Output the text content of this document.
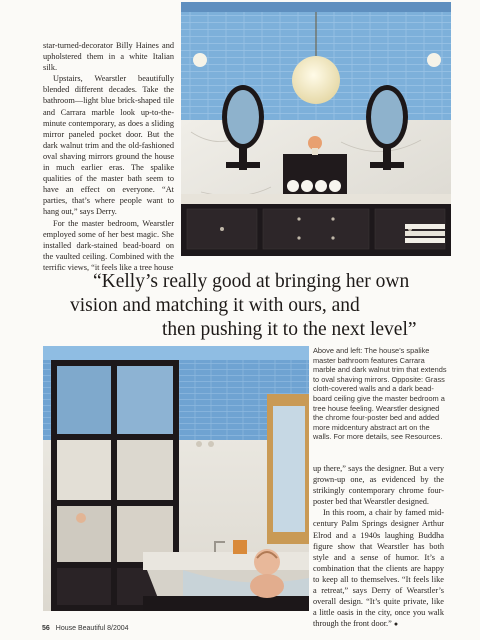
star-turned-decorator Billy Haines and upholstered them in a white Italian silk.

Upstairs, Wearstler beautifully blended different decades. Take the bathroom—light blue brick-shaped tile and Carrara marble look up-to-the-minute contemporary, as does a sliding mirror paneled pocket door. But the dark walnut trim and the old-fashioned oval shaving mirrors ground the house in much earlier eras. The spalike qualities of the master bath seem to have an effect on everyone. “At parties, that’s where people want to hang out,” says Derry.

For the master bedroom, Wearstler employed some of her best magic. She installed dark-stained bead-board on the vaulted ceiling. Combined with the terrific views, “it feels like a tree house

“Kelly’s really good at bringing her own
vision and matching it with ours, and
then pushing it to the next level”
Above and left: The house’s spalike master bathroom features Carrara marble and dark walnut trim that extends to oval shaving mirrors. Opposite: Grass cloth-covered walls and a dark bead-board ceiling give the master bedroom a tree house feeling. Wearstler designed the chrome four-poster bed and added more midcentury abstract art on the walls. For more details, see Resources.

up there,” says the designer. But a very grown-up one, as evidenced by the strikingly contemporary chrome four-poster bed that Wearstler designed.

In this room, a chair by famed mid-century Palm Springs designer Arthur Elrod and a 1940s laughing Buddha figure show that Wearstler has both style and a sense of humor. It’s a combination that the clients are happy to keep all to themselves. “It feels like a retreat,” says Derry of Wearstler’s overall design. “It’s quite private, like a little oasis in the city, once you walk through the front door.” ●

56 House Beautiful 8/2004
